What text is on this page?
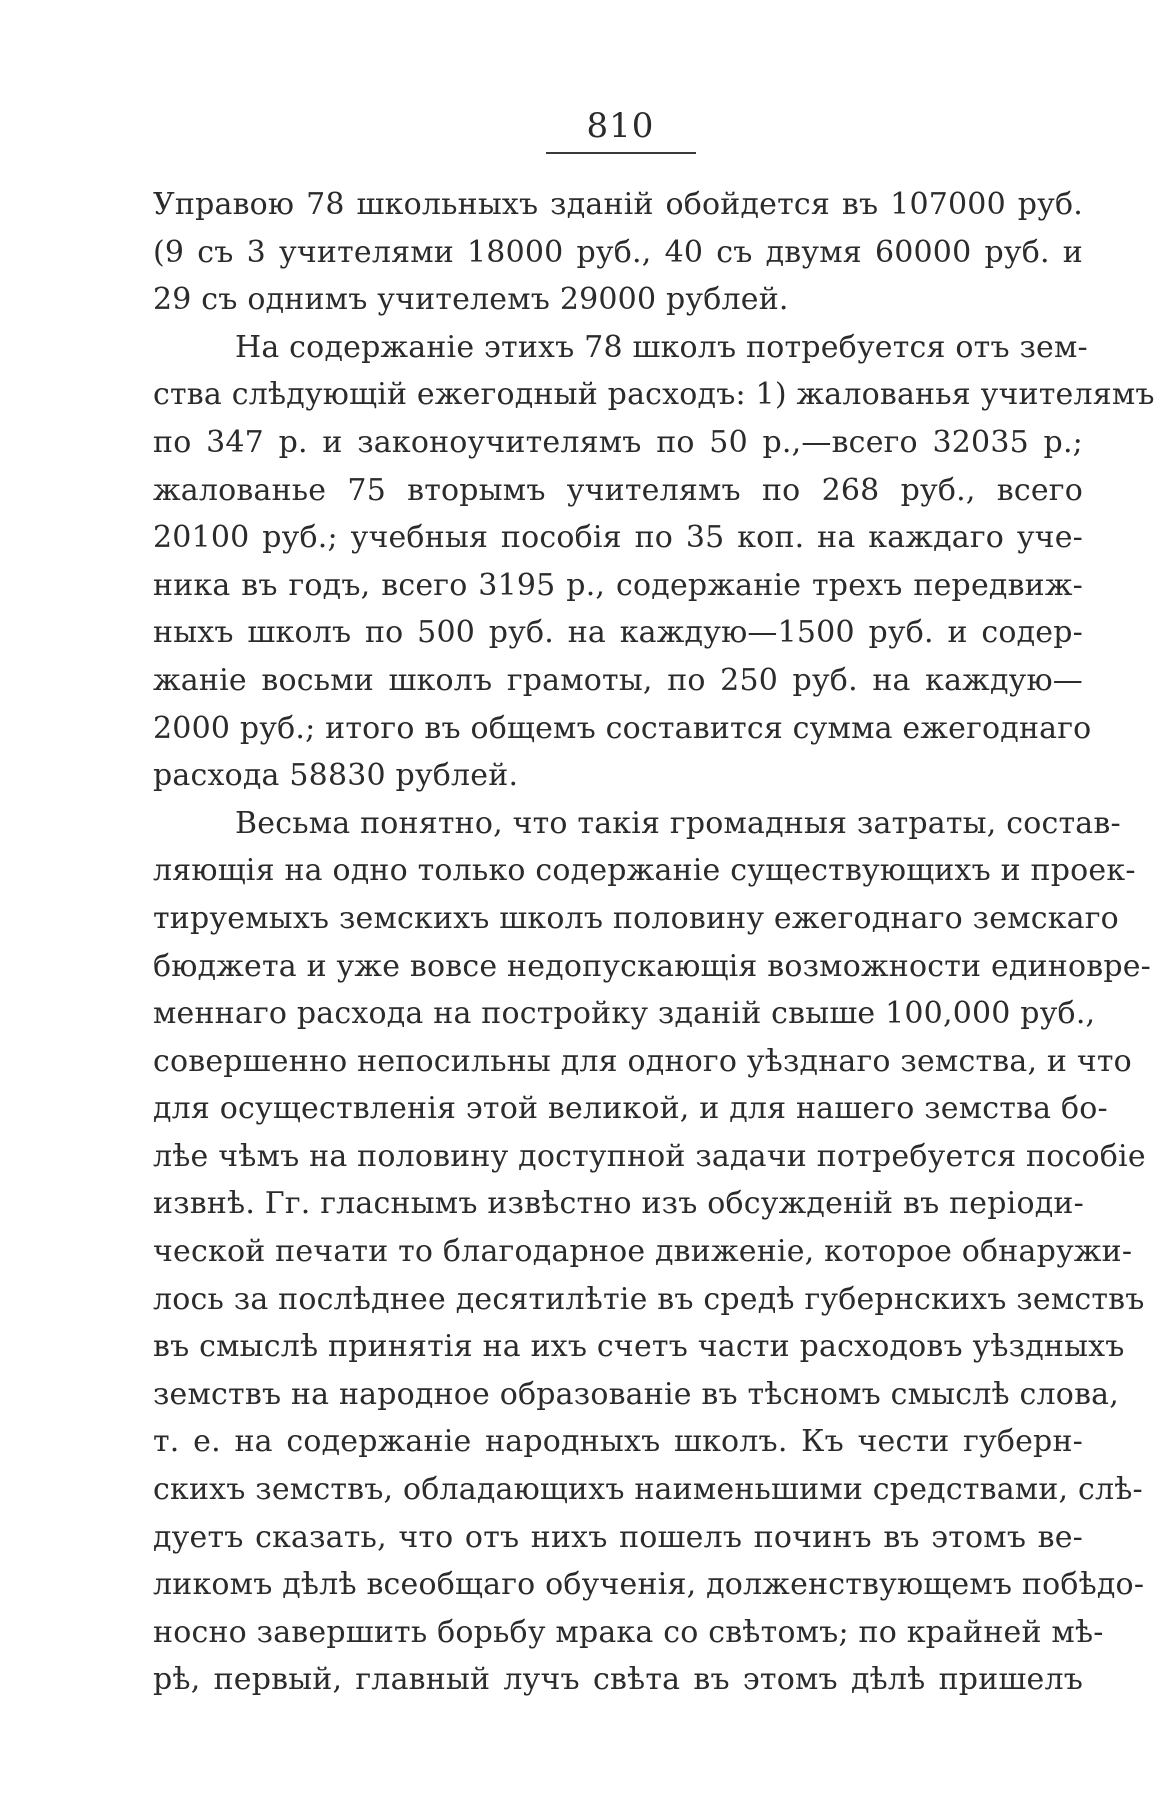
810
Управою 78 школьныхъ зданій обойдется въ 107000 руб.
(9 съ 3 учителями 18000 руб., 40 съ двумя 60000 руб. и
29 съ однимъ учителемъ 29000 рублей.
На содержаніе этихъ 78 школъ потребуется отъ зем-
ства слѣдующій ежегодный расходъ: 1) жалованья учителямъ
по 347 р. и законоучителямъ по 50 р.,—всего 32035 р.;
жалованье 75 вторымъ учителямъ по 268 руб., всего
20100 руб.; учебныя пособія по 35 коп. на каждаго уче-
ника въ годъ, всего 3195 р., содержаніе трехъ передвиж-
ныхъ школъ по 500 руб. на каждую—1500 руб. и содер-
жаніе восьми школъ грамоты, по 250 руб. на каждую—
2000 руб.; итого въ общемъ составится сумма ежегоднаго
расхода 58830 рублей.
Весьма понятно, что такія громадныя затраты, состав-
ляющія на одно только содержаніе существующихъ и проек-
тируемыхъ земскихъ школъ половину ежегоднаго земскаго
бюджета и уже вовсе недопускающія возможности единовре-
меннаго расхода на постройку зданій свыше 100,000 руб.,
совершенно непосильны для одного уѣзднаго земства, и что
для осуществленія этой великой, и для нашего земства бо-
лѣе чѣмъ на половину доступной задачи потребуется пособіе
извнѣ. Гг. гласнымъ извѣстно изъ обсужденій въ періоди-
ческой печати то благодарное движеніе, которое обнаружи-
лось за послѣднее десятилѣтіе въ средѣ губернскихъ земствъ
въ смыслѣ принятія на ихъ счетъ части расходовъ уѣздныхъ
земствъ на народное образованіе въ тѣсномъ смыслѣ слова,
т. е. на содержаніе народныхъ школъ. Къ чести губерн-
скихъ земствъ, обладающихъ наименьшими средствами, слѣ-
дуетъ сказать, что отъ нихъ пошелъ починъ въ этомъ ве-
ликомъ дѣлѣ всеобщаго обученія, долженствующемъ побѣдо-
носно завершить борьбу мрака со свѣтомъ; по крайней мѣ-
рѣ, первый, главный лучъ свѣта въ этомъ дѣлѣ пришелъ
